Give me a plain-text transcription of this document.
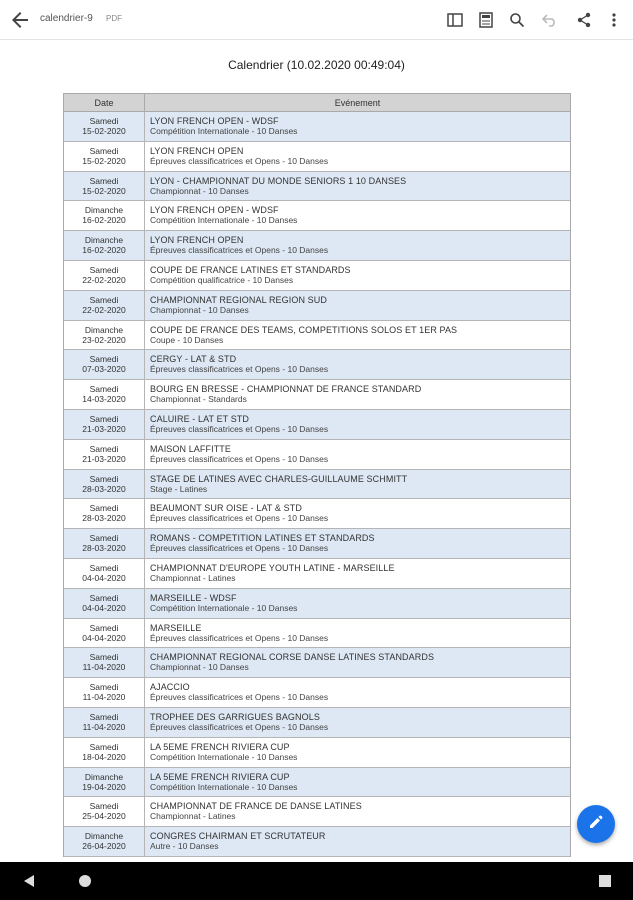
calendrier-9 PDF
Calendrier (10.02.2020 00:49:04)
Date	Evénement
Samedi
15-02-2020
LYON FRENCH OPEN - WDSF
Compétition Internationale - 10 Danses
Samedi
15-02-2020
LYON FRENCH OPEN
Épreuves classificatrices et Opens - 10 Danses
Samedi
15-02-2020
LYON - CHAMPIONNAT DU MONDE SENIORS 1 10 DANSES
Championnat - 10 Danses
Dimanche
16-02-2020
LYON FRENCH OPEN - WDSF
Compétition Internationale - 10 Danses
Dimanche
16-02-2020
LYON FRENCH OPEN
Épreuves classificatrices et Opens - 10 Danses
Samedi
22-02-2020
COUPE DE FRANCE LATINES ET STANDARDS
Compétition qualificatrice - 10 Danses
Samedi
22-02-2020
CHAMPIONNAT REGIONAL REGION SUD
Championnat - 10 Danses
Dimanche
23-02-2020
COUPE DE FRANCE DES TEAMS, COMPETITIONS SOLOS ET 1ER PAS
Coupe - 10 Danses
Samedi
07-03-2020
CERGY - LAT & STD
Épreuves classificatrices et Opens - 10 Danses
Samedi
14-03-2020
BOURG EN BRESSE - CHAMPIONNAT DE FRANCE STANDARD
Championnat - Standards
Samedi
21-03-2020
CALUIRE - LAT ET STD
Épreuves classificatrices et Opens - 10 Danses
Samedi
21-03-2020
MAISON LAFFITTE
Épreuves classificatrices et Opens - 10 Danses
Samedi
28-03-2020
STAGE DE LATINES AVEC CHARLES-GUILLAUME SCHMITT
Stage - Latines
Samedi
28-03-2020
BEAUMONT SUR OISE - LAT & STD
Épreuves classificatrices et Opens - 10 Danses
Samedi
28-03-2020
ROMANS - COMPETITION LATINES ET STANDARDS
Épreuves classificatrices et Opens - 10 Danses
Samedi
04-04-2020
CHAMPIONNAT D'EUROPE YOUTH LATINE - MARSEILLE
Championnat - Latines
Samedi
04-04-2020
MARSEILLE - WDSF
Compétition Internationale - 10 Danses
Samedi
04-04-2020
MARSEILLE
Épreuves classificatrices et Opens - 10 Danses
Samedi
11-04-2020
CHAMPIONNAT REGIONAL CORSE DANSE LATINES STANDARDS
Championnat - 10 Danses
Samedi
11-04-2020
AJACCIO
Épreuves classificatrices et Opens - 10 Danses
Samedi
11-04-2020
TROPHEE DES GARRIGUES BAGNOLS
Épreuves classificatrices et Opens - 10 Danses
Samedi
18-04-2020
LA 5EME FRENCH RIVIERA CUP
Compétition Internationale - 10 Danses
Dimanche
19-04-2020
LA 5EME FRENCH RIVIERA CUP
Compétition Internationale - 10 Danses
Samedi
25-04-2020
CHAMPIONNAT DE FRANCE DE DANSE LATINES
Championnat - Latines
Dimanche
26-04-2020
CONGRES CHAIRMAN ET SCRUTATEUR
Autre - 10 Danses
